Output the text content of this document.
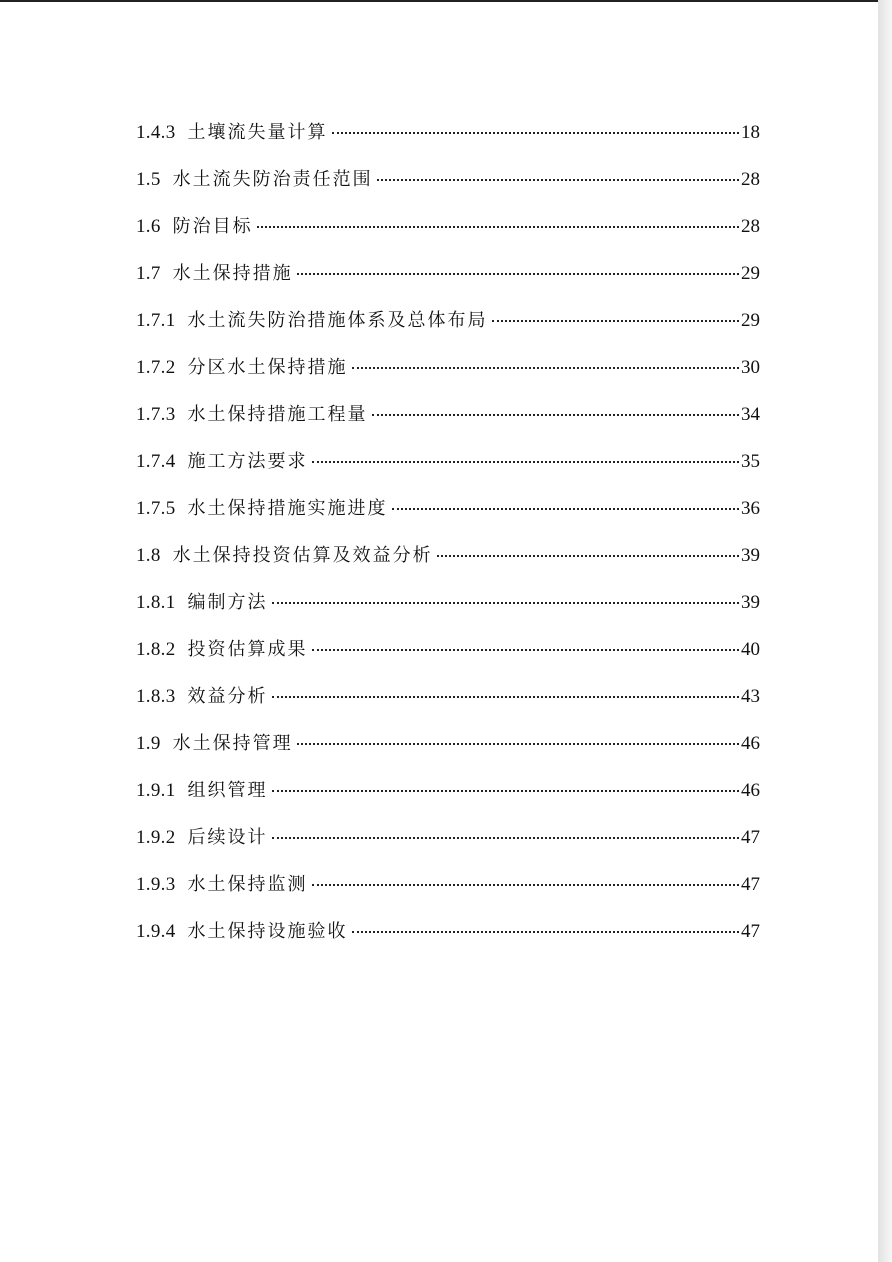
1.4.3 土壤流失量计算	18
1.5 水土流失防治责任范围	28
1.6 防治目标	28
1.7 水土保持措施	29
1.7.1 水土流失防治措施体系及总体布局	29
1.7.2 分区水土保持措施	30
1.7.3 水土保持措施工程量	34
1.7.4 施工方法要求	35
1.7.5 水土保持措施实施进度	36
1.8 水土保持投资估算及效益分析	39
1.8.1 编制方法	39
1.8.2 投资估算成果	40
1.8.3 效益分析	43
1.9 水土保持管理	46
1.9.1 组织管理	46
1.9.2 后续设计	47
1.9.3 水土保持监测	47
1.9.4 水土保持设施验收	47
